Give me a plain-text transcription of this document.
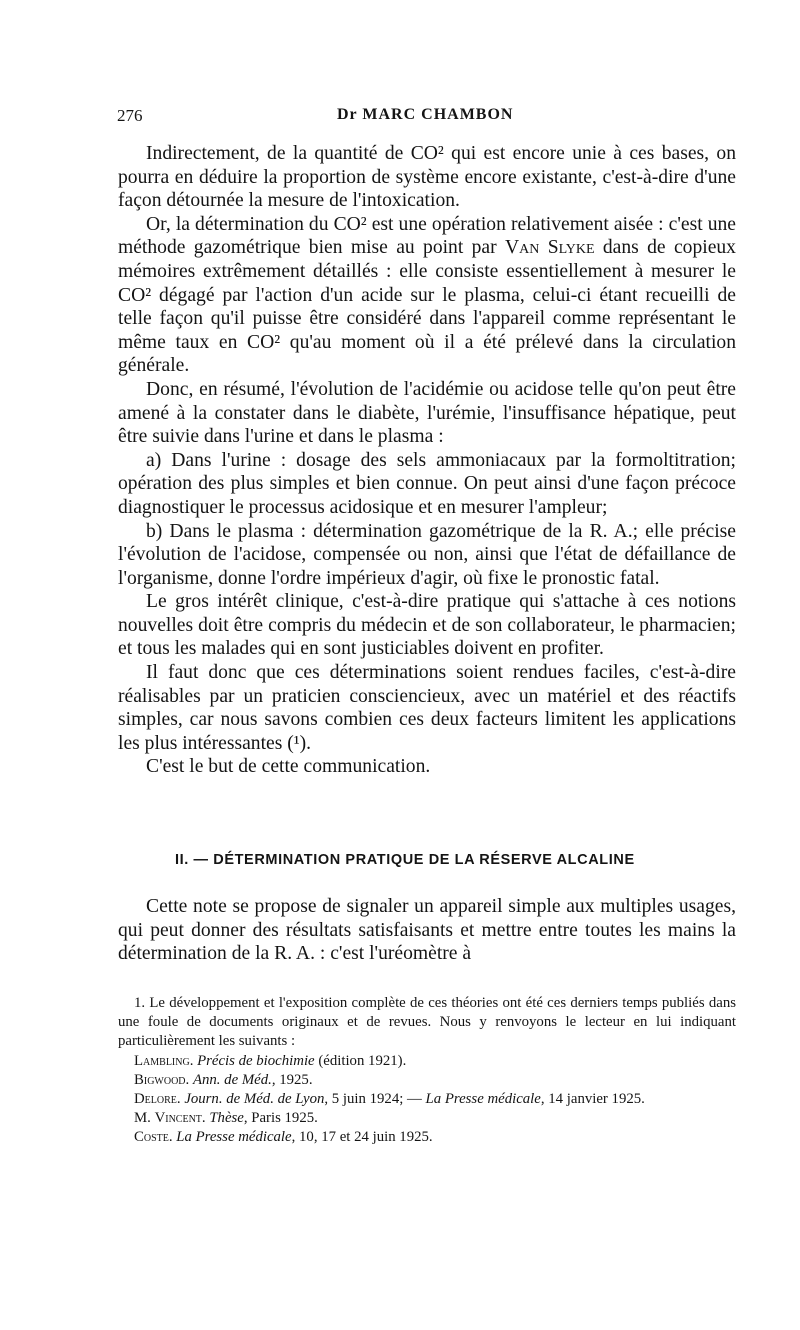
276	Dr MARC CHAMBON

Indirectement, de la quantité de CO² qui est encore unie à ces bases, on pourra en déduire la proportion de système encore existante, c'est-à-dire d'une façon détournée la mesure de l'intoxication.

Or, la détermination du CO² est une opération relativement aisée : c'est une méthode gazométrique bien mise au point par Van Slyke dans de copieux mémoires extrêmement détaillés : elle consiste essentiellement à mesurer le CO² dégagé par l'action d'un acide sur le plasma, celui-ci étant recueilli de telle façon qu'il puisse être considéré dans l'appareil comme représentant le même taux en CO² qu'au moment où il a été prélevé dans la circulation générale.

Donc, en résumé, l'évolution de l'acidémie ou acidose telle qu'on peut être amené à la constater dans le diabète, l'urémie, l'insuffisance hépatique, peut être suivie dans l'urine et dans le plasma :

a) Dans l'urine : dosage des sels ammoniacaux par la formoltitration; opération des plus simples et bien connue. On peut ainsi d'une façon précoce diagnostiquer le processus acidosique et en mesurer l'ampleur;

b) Dans le plasma : détermination gazométrique de la R. A.; elle précise l'évolution de l'acidose, compensée ou non, ainsi que l'état de défaillance de l'organisme, donne l'ordre impérieux d'agir, où fixe le pronostic fatal.

Le gros intérêt clinique, c'est-à-dire pratique qui s'attache à ces notions nouvelles doit être compris du médecin et de son collaborateur, le pharmacien; et tous les malades qui en sont justiciables doivent en profiter.

Il faut donc que ces déterminations soient rendues faciles, c'est-à-dire réalisables par un praticien consciencieux, avec un matériel et des réactifs simples, car nous savons combien ces deux facteurs limitent les applications les plus intéressantes (¹).

C'est le but de cette communication.

II. — DÉTERMINATION PRATIQUE DE LA RÉSERVE ALCALINE

Cette note se propose de signaler un appareil simple aux multiples usages, qui peut donner des résultats satisfaisants et mettre entre toutes les mains la détermination de la R. A. : c'est l'uréomètre à

1. Le développement et l'exposition complète de ces théories ont été ces derniers temps publiés dans une foule de documents originaux et de revues. Nous y renvoyons le lecteur en lui indiquant particulièrement les suivants :

Lambling. Précis de biochimie (édition 1921).

Bigwood. Ann. de Méd., 1925.

Delore. Journ. de Méd. de Lyon, 5 juin 1924; — La Presse médicale, 14 janvier 1925.

M. Vincent. Thèse, Paris 1925.

Coste. La Presse médicale, 10, 17 et 24 juin 1925.
